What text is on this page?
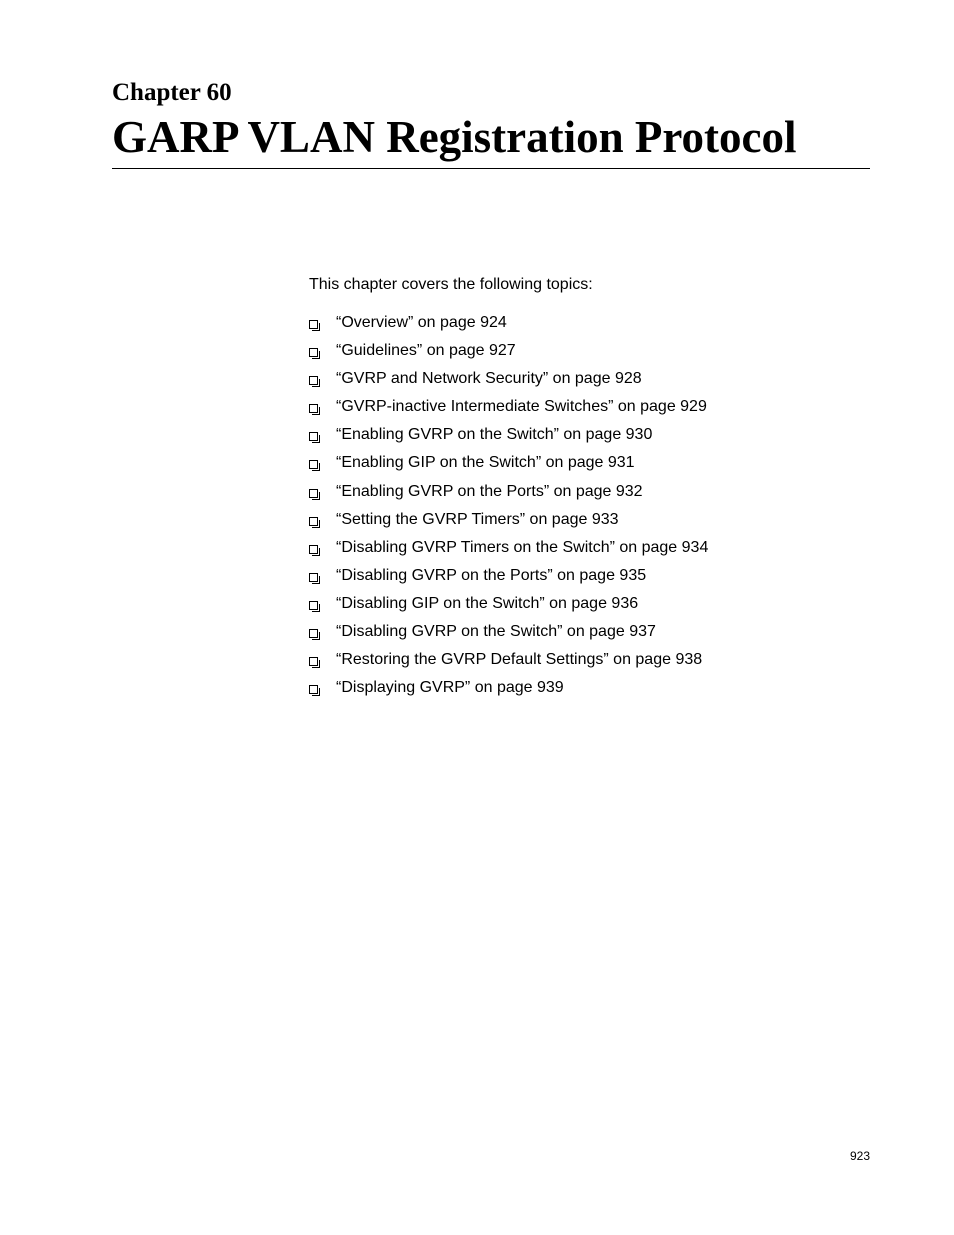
Chapter 60
GARP VLAN Registration Protocol

This chapter covers the following topics:

“Overview” on page 924
“Guidelines” on page 927
“GVRP and Network Security” on page 928
“GVRP-inactive Intermediate Switches” on page 929
“Enabling GVRP on the Switch” on page 930
“Enabling GIP on the Switch” on page 931
“Enabling GVRP on the Ports” on page 932
“Setting the GVRP Timers” on page 933
“Disabling GVRP Timers on the Switch” on page 934
“Disabling GVRP on the Ports” on page 935
“Disabling GIP on the Switch” on page 936
“Disabling GVRP on the Switch” on page 937
“Restoring the GVRP Default Settings” on page 938
“Displaying GVRP” on page 939

923
